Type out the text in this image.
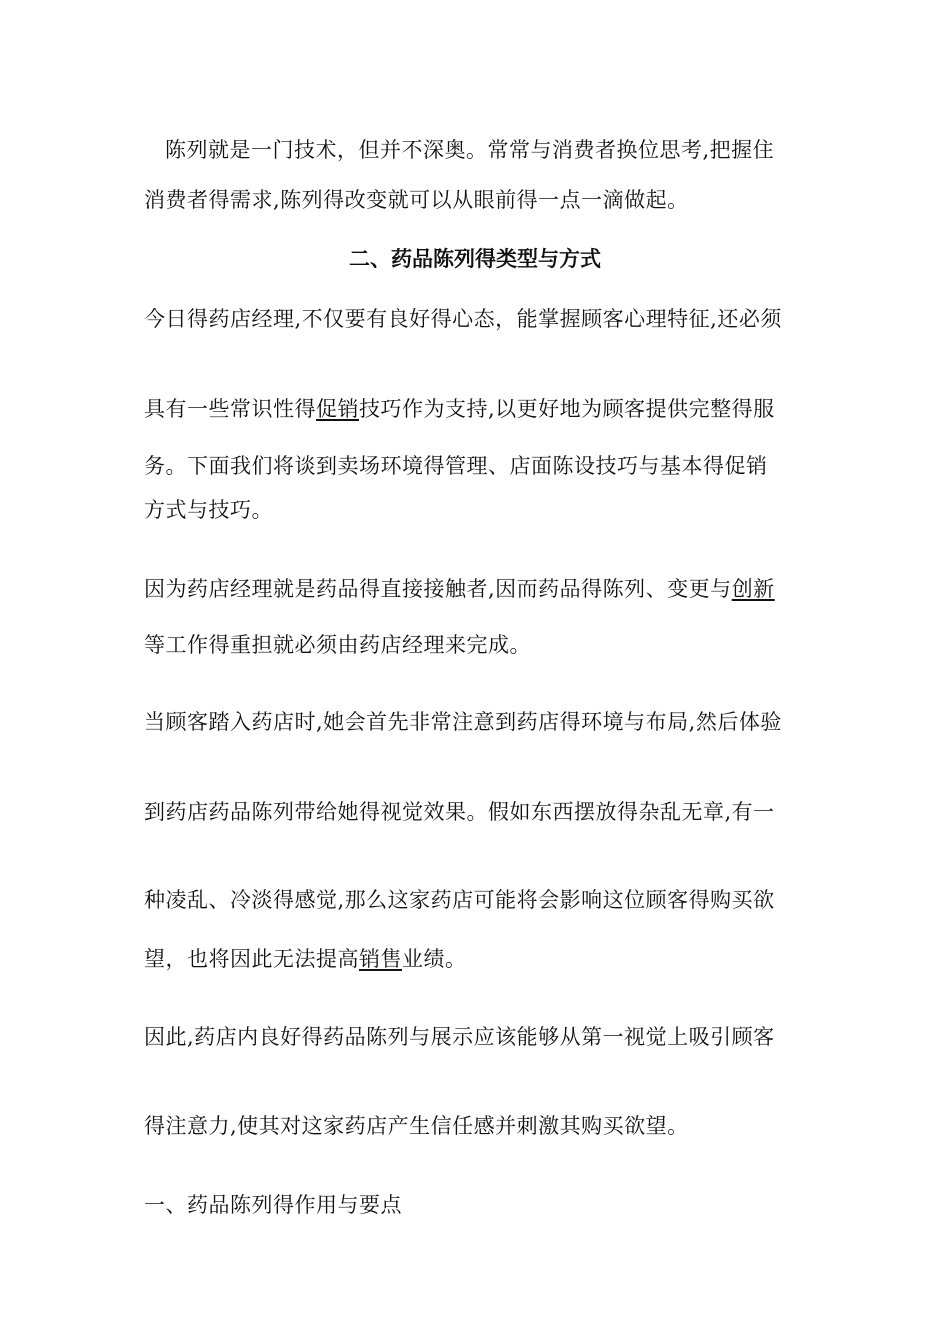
陈列就是一门技术，但并不深奥。常常与消费者换位思考,把握住
消费者得需求,陈列得改变就可以从眼前得一点一滴做起。
二、药品陈列得类型与方式
今日得药店经理,不仅要有良好得心态，能掌握顾客心理特征,还必须
具有一些常识性得促销技巧作为支持,以更好地为顾客提供完整得服
务。下面我们将谈到卖场环境得管理、店面陈设技巧与基本得促销
方式与技巧。
因为药店经理就是药品得直接接触者,因而药品得陈列、变更与创新
等工作得重担就必须由药店经理来完成。
当顾客踏入药店时,她会首先非常注意到药店得环境与布局,然后体验
到药店药品陈列带给她得视觉效果。假如东西摆放得杂乱无章,有一
种凌乱、冷淡得感觉,那么这家药店可能将会影响这位顾客得购买欲
望，也将因此无法提高销售业绩。
因此,药店内良好得药品陈列与展示应该能够从第一视觉上吸引顾客
得注意力,使其对这家药店产生信任感并刺激其购买欲望。
一、药品陈列得作用与要点
